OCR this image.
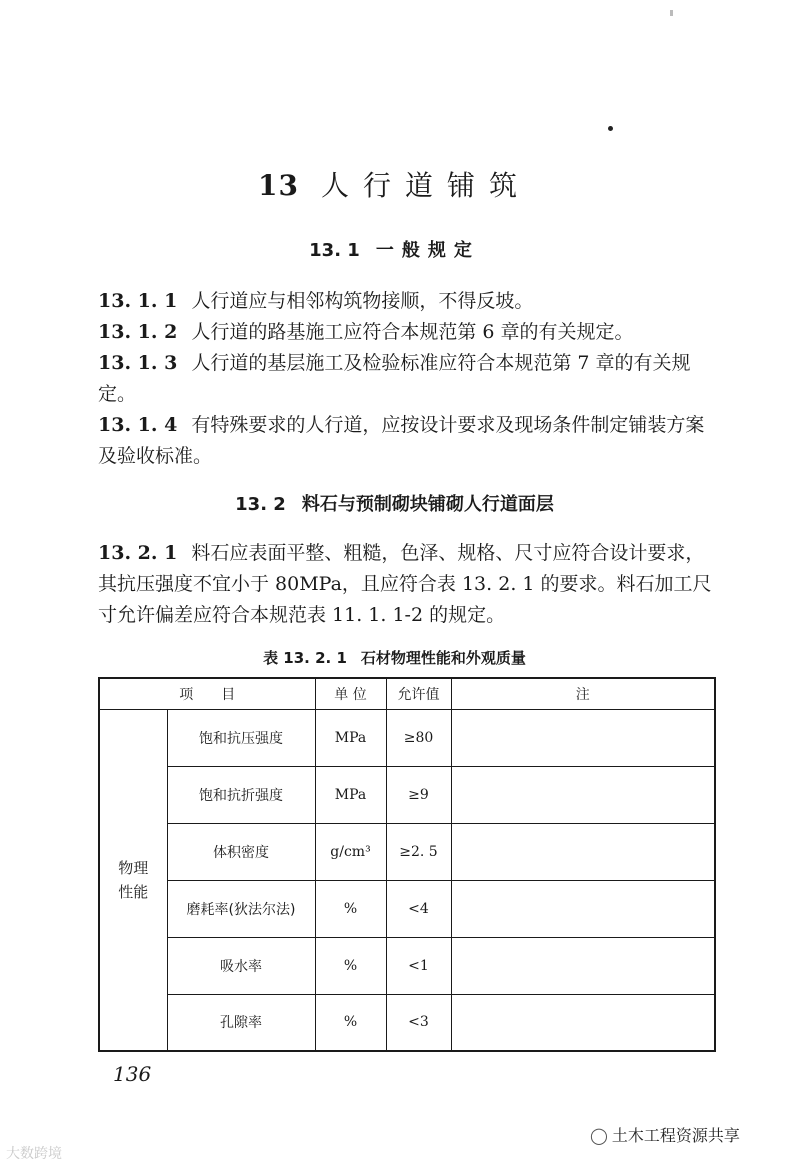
13 人行道铺筑
13. 1 一般规定
13. 1. 1 人行道应与相邻构筑物接顺，不得反坡。
13. 1. 2 人行道的路基施工应符合本规范第 6 章的有关规定。
13. 1. 3 人行道的基层施工及检验标准应符合本规范第 7 章的有关规定。
13. 1. 4 有特殊要求的人行道，应按设计要求及现场条件制定铺装方案及验收标准。
13. 2 料石与预制砌块铺砌人行道面层
13. 2. 1 料石应表面平整、粗糙，色泽、规格、尺寸应符合设计要求，其抗压强度不宜小于 80MPa，且应符合表 13. 2. 1 的要求。料石加工尺寸允许偏差应符合本规范表 11. 1. 1-2 的规定。
表 13. 2. 1 石材物理性能和外观质量
项　　目		单 位	允许值	注

物理
性能	饱和抗压强度	MPa	≥80	
	饱和抗折强度	MPa	≥9	
	体积密度	g/cm³	≥2. 5	
	磨耗率(狄法尔法)	%	<4	
	吸水率	%	<1	
	孔隙率	%	<3	
136
大数跨境
◯ 土木工程资源共享
